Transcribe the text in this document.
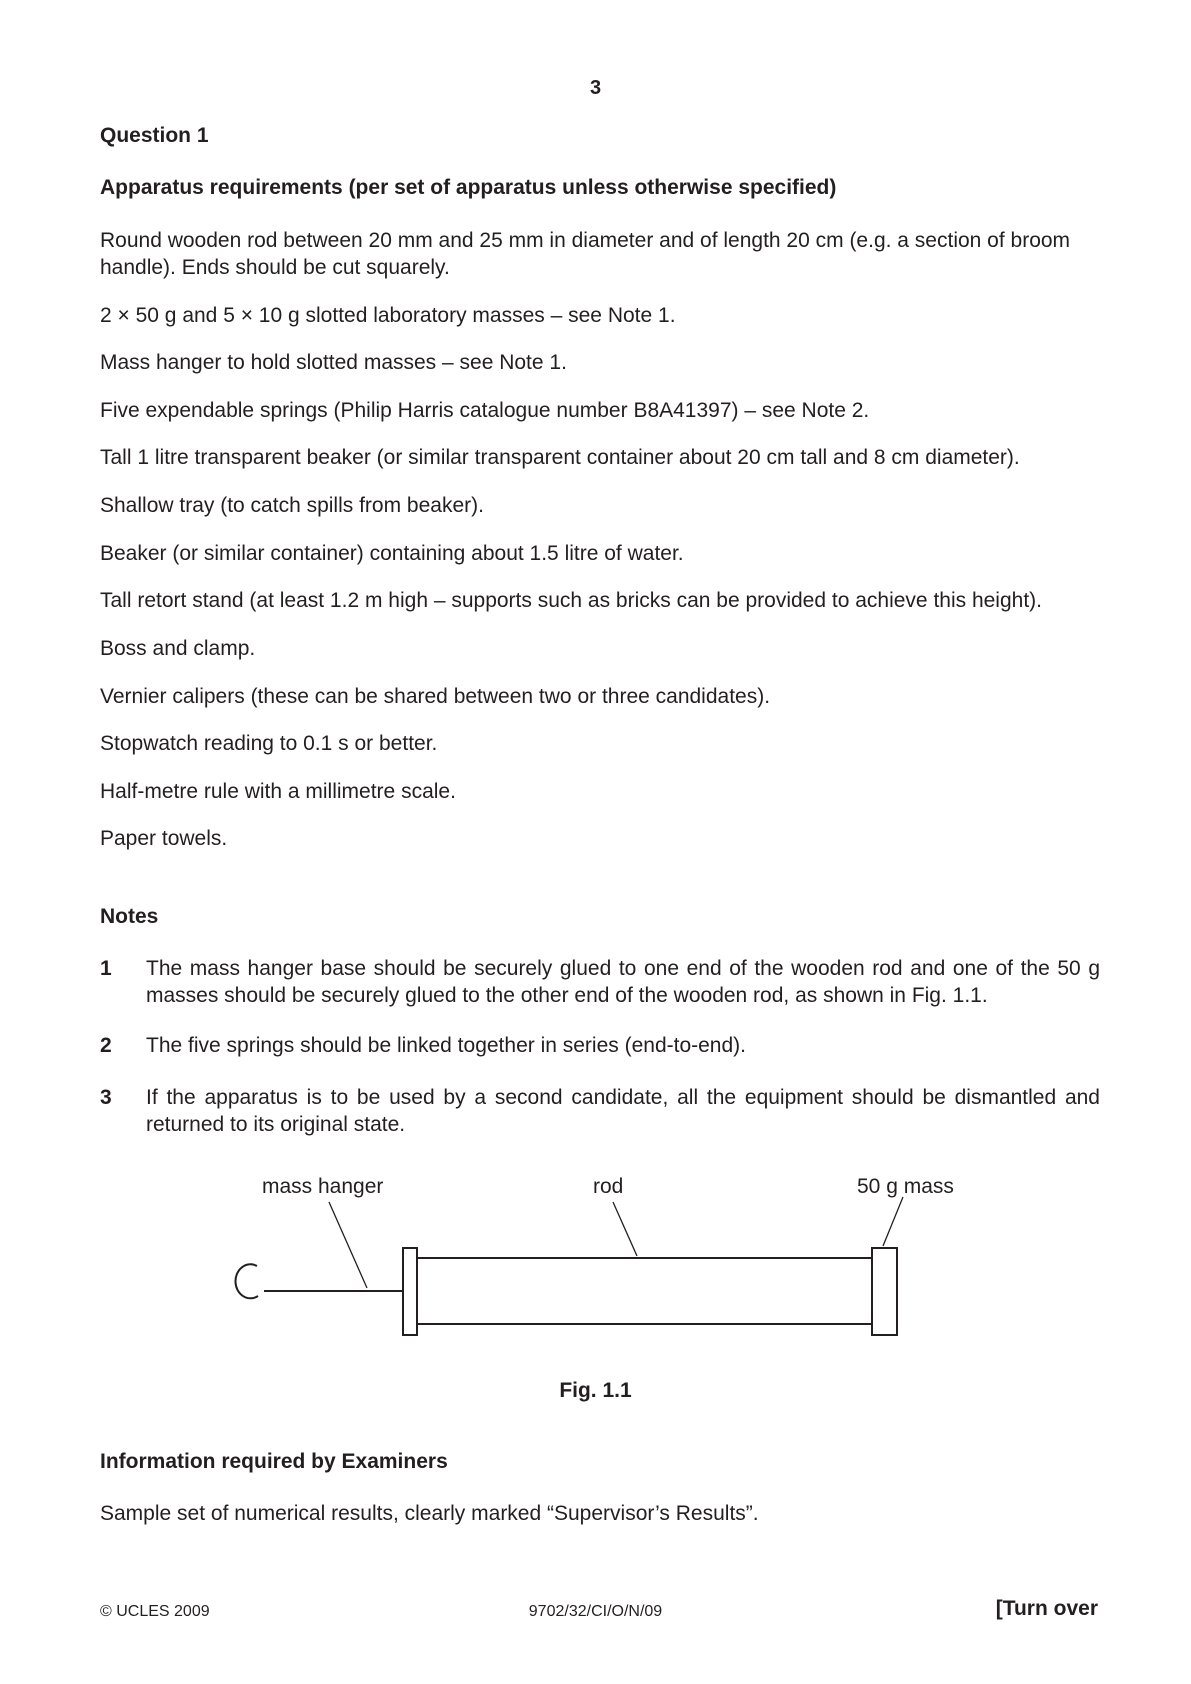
3
Question 1
Apparatus requirements (per set of apparatus unless otherwise specified)
Round wooden rod between 20 mm and 25 mm in diameter and of length 20 cm (e.g. a section of broom handle). Ends should be cut squarely.
2 × 50 g and 5 × 10 g slotted laboratory masses – see Note 1.
Mass hanger to hold slotted masses – see Note 1.
Five expendable springs (Philip Harris catalogue number B8A41397) – see Note 2.
Tall 1 litre transparent beaker (or similar transparent container about 20 cm tall and 8 cm diameter).
Shallow tray (to catch spills from beaker).
Beaker (or similar container) containing about 1.5 litre of water.
Tall retort stand (at least 1.2 m high – supports such as bricks can be provided to achieve this height).
Boss and clamp.
Vernier calipers (these can be shared between two or three candidates).
Stopwatch reading to 0.1 s or better.
Half-metre rule with a millimetre scale.
Paper towels.
Notes
1 The mass hanger base should be securely glued to one end of the wooden rod and one of the 50 g masses should be securely glued to the other end of the wooden rod, as shown in Fig. 1.1.
2 The five springs should be linked together in series (end-to-end).
3 If the apparatus is to be used by a second candidate, all the equipment should be dismantled and returned to its original state.
mass hanger	rod	50 g mass
Fig. 1.1
Information required by Examiners
Sample set of numerical results, clearly marked “Supervisor’s Results”.
© UCLES 2009	9702/32/CI/O/N/09	[Turn over
